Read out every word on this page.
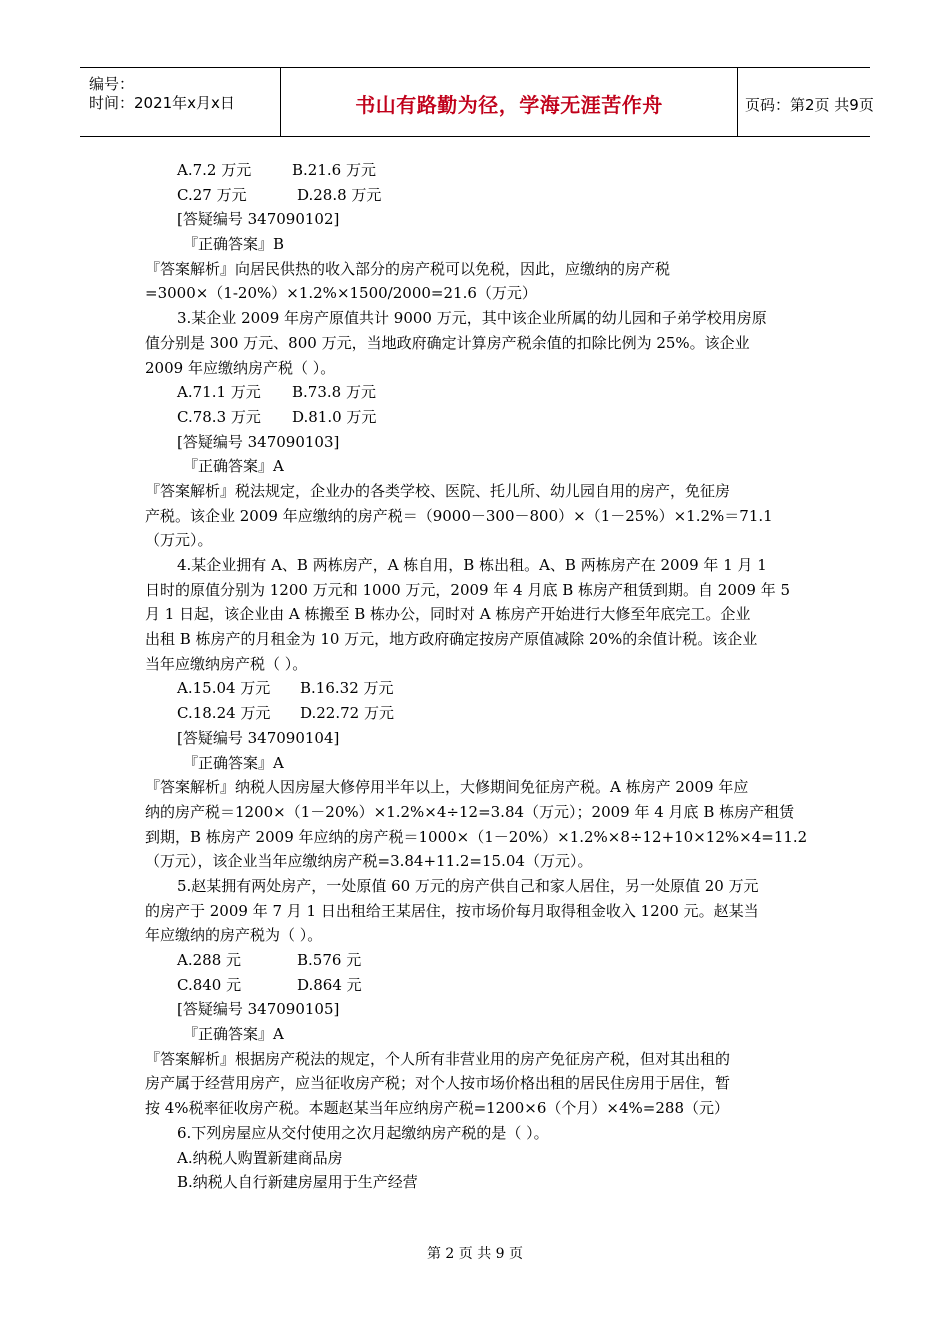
编号：
时间：2021年x月x日	书山有路勤为径，学海无涯苦作舟	页码：第2页 共9页
A.7.2 万元	B.21.6 万元
C.27 万元	D.28.8 万元
[答疑编号 347090102]
『正确答案』B
『答案解析』向居民供热的收入部分的房产税可以免税，因此，应缴纳的房产税
=3000×（1-20%）×1.2%×1500/2000=21.6（万元）
3.某企业 2009 年房产原值共计 9000 万元，其中该企业所属的幼儿园和子弟学校用房原
值分别是 300 万元、800 万元，当地政府确定计算房产税余值的扣除比例为 25%。该企业
2009 年应缴纳房产税（ ）。
A.71.1 万元 B.73.8 万元
C.78.3 万元 D.81.0 万元
[答疑编号 347090103]
『正确答案』A
『答案解析』税法规定，企业办的各类学校、医院、托儿所、幼儿园自用的房产，免征房
产税。该企业 2009 年应缴纳的房产税＝（9000－300－800）×（1－25%）×1.2%＝71.1
（万元）。
4.某企业拥有 A、B 两栋房产，A 栋自用，B 栋出租。A、B 两栋房产在 2009 年 1 月 1
日时的原值分别为 1200 万元和 1000 万元，2009 年 4 月底 B 栋房产租赁到期。自 2009 年 5
月 1 日起，该企业由 A 栋搬至 B 栋办公，同时对 A 栋房产开始进行大修至年底完工。企业
出租 B 栋房产的月租金为 10 万元，地方政府确定按房产原值减除 20%的余值计税。该企业
当年应缴纳房产税（ ）。
A.15.04 万元 B.16.32 万元
C.18.24 万元 D.22.72 万元
[答疑编号 347090104]
『正确答案』A
『答案解析』纳税人因房屋大修停用半年以上，大修期间免征房产税。A 栋房产 2009 年应
纳的房产税＝1200×（1－20%）×1.2%×4÷12=3.84（万元）；2009 年 4 月底 B 栋房产租赁
到期，B 栋房产 2009 年应纳的房产税＝1000×（1－20%）×1.2%×8÷12+10×12%×4=11.2
（万元），该企业当年应缴纳房产税=3.84+11.2=15.04（万元）。
5.赵某拥有两处房产，一处原值 60 万元的房产供自己和家人居住，另一处原值 20 万元
的房产于 2009 年 7 月 1 日出租给王某居住，按市场价每月取得租金收入 1200 元。赵某当
年应缴纳的房产税为（ ）。
A.288 元	B.576 元
C.840 元	D.864 元
[答疑编号 347090105]
『正确答案』A
『答案解析』根据房产税法的规定，个人所有非营业用的房产免征房产税，但对其出租的
房产属于经营用房产，应当征收房产税；对个人按市场价格出租的居民住房用于居住，暂
按 4%税率征收房产税。本题赵某当年应纳房产税=1200×6（个月）×4%=288（元）
6.下列房屋应从交付使用之次月起缴纳房产税的是（ ）。
A.纳税人购置新建商品房
B.纳税人自行新建房屋用于生产经营
第 2 页 共 9 页
